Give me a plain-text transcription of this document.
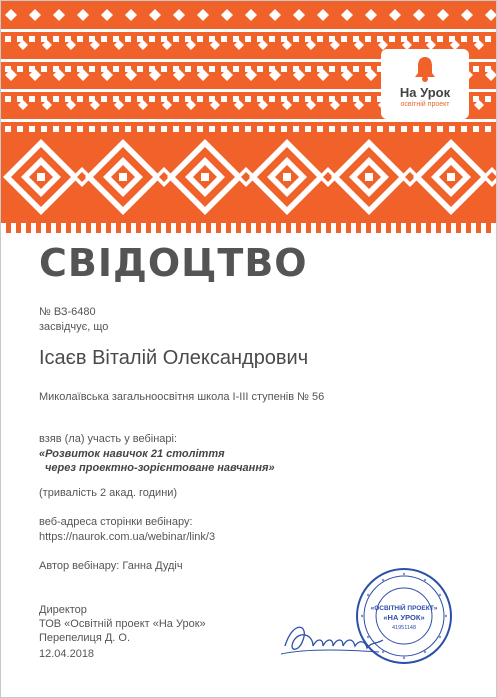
На Урок
освітній проект
СВІДОЦТВО
№ ВЗ-6480
засвідчує, що
Ісаєв Віталій Олександрович
Миколаївська загальноосвітня школа І-ІІІ ступенів № 56
взяв (ла) участь у вебінарі:
«Розвиток навичок 21 століття
через проектно-зорієнтоване навчання»
(тривалість 2 акад. години)
веб-адреса сторінки вебінару:
https://naurok.com.ua/webinar/link/3
Автор вебінару: Ганна Дудіч
Директор
ТОВ «Освітній проект «На Урок»
Перепелиця Д. О.
12.04.2018
«ОСВІТНІЙ ПРОЕКТ»
«НА УРОК»
41951148
